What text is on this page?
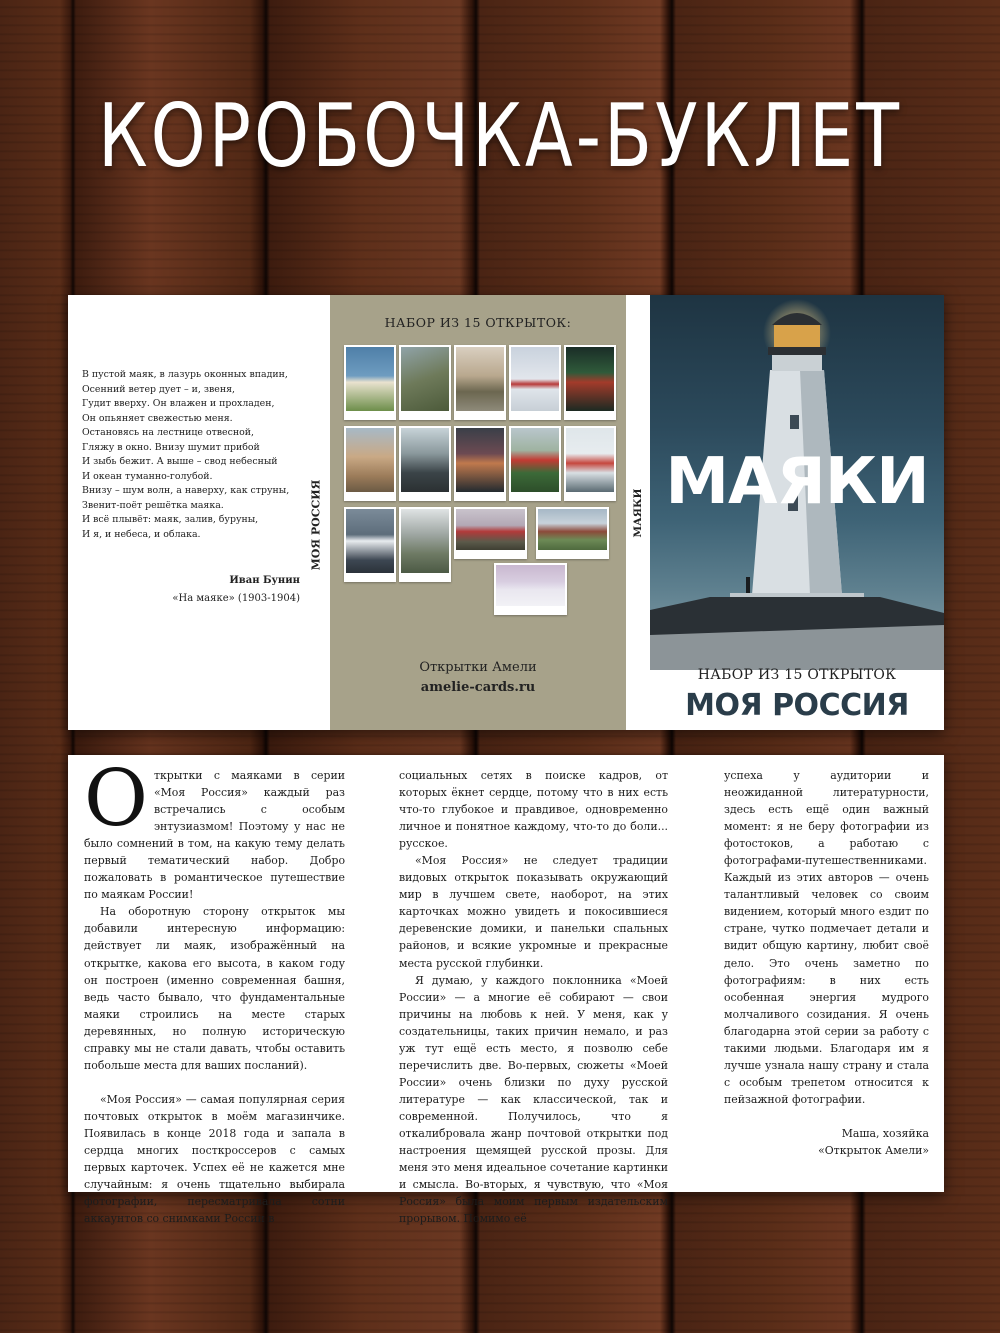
КОРОБОЧКА-БУКЛЕТ
В пустой маяк, в лазурь оконных впадин,
Осенний ветер дует – и, звеня,
Гудит вверху. Он влажен и прохладен,
Он опьяняет свежестью меня.
Остановясь на лестнице отвесной,
Гляжу в окно. Внизу шумит прибой
И зыбь бежит. А выше – свод небесный
И океан туманно-голубой.
Внизу – шум волн, а наверху, как струны,
Звенит-поёт решётка маяка.
И всё плывёт: маяк, залив, буруны,
И я, и небеса, и облака.
Иван Бунин
«На маяке» (1903-1904)
МОЯ РОССИЯ
НАБОР ИЗ 15 ОТКРЫТОК:
Открытки Амели
amelie-cards.ru
МАЯКИ МАЯКИ
НАБОР ИЗ 15 ОТКРЫТОК
МОЯ РОССИЯ

Открытки с маяками в серии «Моя Россия» каждый раз встречались с особым энтузиазмом! Поэтому у нас не было сомнений в том, на какую тему делать первый тематический набор. Добро пожаловать в романтическое путешествие по маякам России!

На оборотную сторону открыток мы добавили интересную информацию: действует ли маяк, изображённый на открытке, какова его высота, в каком году он построен (именно современная башня, ведь часто бывало, что фундаментальные маяки строились на месте старых деревянных, но полную историческую справку мы не стали давать, чтобы оставить побольше места для ваших посланий).

«Моя Россия» — самая популярная серия почтовых открыток в моём магазинчике. Появилась в конце 2018 года и запала в сердца многих посткроссеров с самых первых карточек. Успех её не кажется мне случайным: я очень тщательно выбирала фотографии, пересматривала сотни аккаунтов со снимками России в

социальных сетях в поиске кадров, от которых ёкнет сердце, потому что в них есть что-то глубокое и правдивое, одновременно личное и понятное каждому, что-то до боли... русское.

«Моя Россия» не следует традиции видовых открыток показывать окружающий мир в лучшем свете, наоборот, на этих карточках можно увидеть и покосившиеся деревенские домики, и панельки спальных районов, и всякие укромные и прекрасные места русской глубинки.

Я думаю, у каждого поклонника «Моей России» — а многие её собирают — свои причины на любовь к ней. У меня, как у создательницы, таких причин немало, и раз уж тут ещё есть место, я позволю себе перечислить две. Во-первых, сюжеты «Моей России» очень близки по духу русской литературе — как классической, так и современной. Получилось, что я откалибровала жанр почтовой открытки под настроения щемящей русской прозы. Для меня это меня идеальное сочетание картинки и смысла. Во-вторых, я чувствую, что «Моя Россия» была моим первым издательским прорывом. Помимо её

успеха у аудитории и неожиданной литературности, здесь есть ещё один важный момент: я не беру фотографии из фотостоков, а работаю с фотографами-путешественниками. Каждый из этих авторов — очень талантливый человек со своим видением, который много ездит по стране, чутко подмечает детали и видит общую картину, любит своё дело. Это очень заметно по фотографиям: в них есть особенная энергия мудрого молчаливого созидания. Я очень благодарна этой серии за работу с такими людьми. Благодаря им я лучше узнала нашу страну и стала с особым трепетом относится к пейзажной фотографии.

Маша, хозяйка

«Открыток Амели»
